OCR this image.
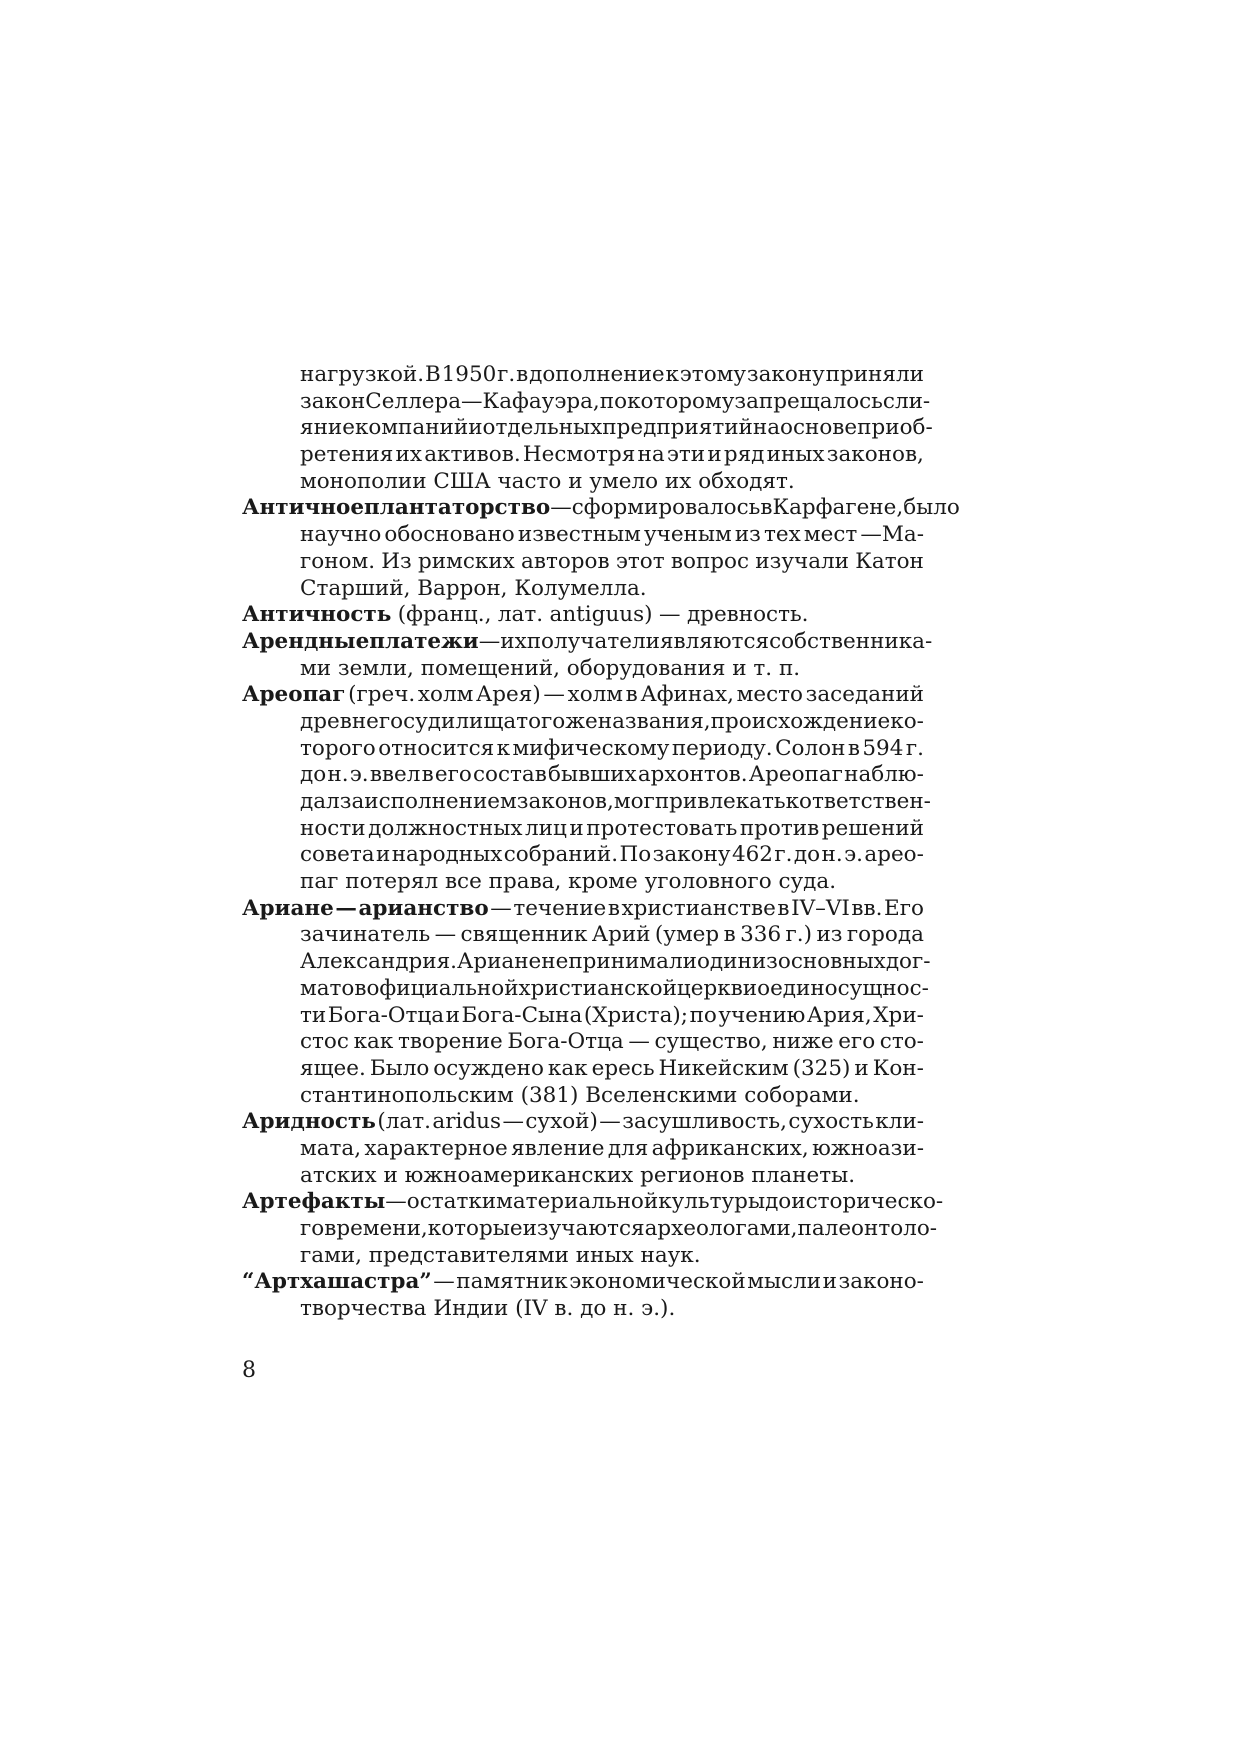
нагрузкой. В 1950 г. в дополнение к этому закону приняли
закон Селлера—Кафауэра, по которому запрещалось сли-
яние компаний и отдельных предприятий на основе приоб-
ретения их активов. Несмотря на эти и ряд иных законов,
монополии США часто и умело их обходят.
Античное плантаторство — сформировалось в Карфагене, было
научно обосновано известным ученым из тех мест —Ма-
гоном. Из римских авторов этот вопрос изучали Катон
Старший, Варрон, Колумелла.
Античность (франц., лат. antiguus) — древность.
Арендные платежи — их получатели являются собственника-
ми земли, помещений, оборудования и т. п.
Ареопаг (греч. холм Арея) — холм в Афинах, место заседаний
древнего судилища того же названия, происхождение ко-
торого относится к мифическому периоду. Солон в 594 г.
до н. э. ввел в его состав бывших архонтов. Ареопаг наблю-
дал за исполнением законов, мог привлекать к ответствен-
ности должностных лиц и протестовать против решений
совета и народных собраний. По закону 462 г. до н. э. арео-
паг потерял все права, кроме уголовного суда.
Ариане — арианство — течение в христианстве в IV–VI вв. Его
зачинатель — священник Арий (умер в 336 г.) из города
Александрия. Ариане не принимали один из основных дог-
матов официальной христианской церкви о единосущнос-
ти Бога-Отца и Бога-Сына (Христа); по учению Ария, Хри-
стос как творение Бога-Отца — существо, ниже его сто-
ящее. Было осуждено как ересь Никейским (325) и Кон-
стантинопольским (381) Вселенскими соборами.
Аридность (лат. aridus — сухой) — засушливость, сухость кли-
мата, характерное явление для африканских, южноази-
атских и южноамериканских регионов планеты.
Артефакты — остатки материальной культуры доисторическо-
го времени, которые изучаются археологами, палеонтоло-
гами, представителями иных наук.
“Артхашастра” — памятник экономической мысли и законо-
творчества Индии (IV в. до н. э.).
8
